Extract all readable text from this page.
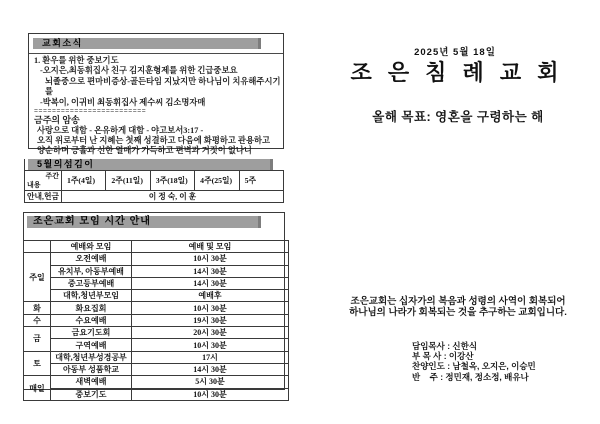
교회소식
1. 환우를 위한 중보기도
-오지은,최동휘집사 친구 김지훈형제를 위한 긴급중보요
뇌졸중으로 편마비증상-골든타임 지났지만 하나님이 치유해주시기를
-박복이, 이귀비 최동휘집사 제수씨 김소명자매
=========================
금주의 암송
사랑으로 대함 - 온유하게 대함 - 야고보서3:17 -
오직 위로부터 난 지혜는 첫째 성결하고 다음에 화평하고 관용하고
양순하며 긍휼과 선한 열매가 가득하고 편벽과 거짓이 없나니
5월의섬김이
주간
내용	1주(4일)	2주(11일)	3주(18일)	4주(25일)	5주
안내,헌금	이 정 숙, 이 훈				
조은교회 모임 시간 안내
	예배와 모임	예배 및 모임
주일	오전예배	10시 30분
	유치부, 아동부예배	14시 30분
	중고등부예배	14시 30분
	대학,청년부모임	예배후
화	화요집회	10시 30분
수	수요예배	19시 30분
금	금요기도회	20시 30분
	구역예배	10시 30분
토	대학,청년부성경공부	17시
	아동부 성품학교	14시 30분
매일	새벽예배	5시 30분
	중보기도	10시 30분
2025년 5월 18일
조 은 침 례 교 회
올해 목표: 영혼을 구령하는 해
조은교회는 십자가의 복음과 성령의 사역이 회복되어
하나님의 나라가 회복되는 것을 추구하는 교회입니다.
담임목사 : 신한식
부 목 사 : 이강산
찬양인도 : 남철옥, 오지은, 이승민
반    주 : 정민재, 정소정, 배유나
